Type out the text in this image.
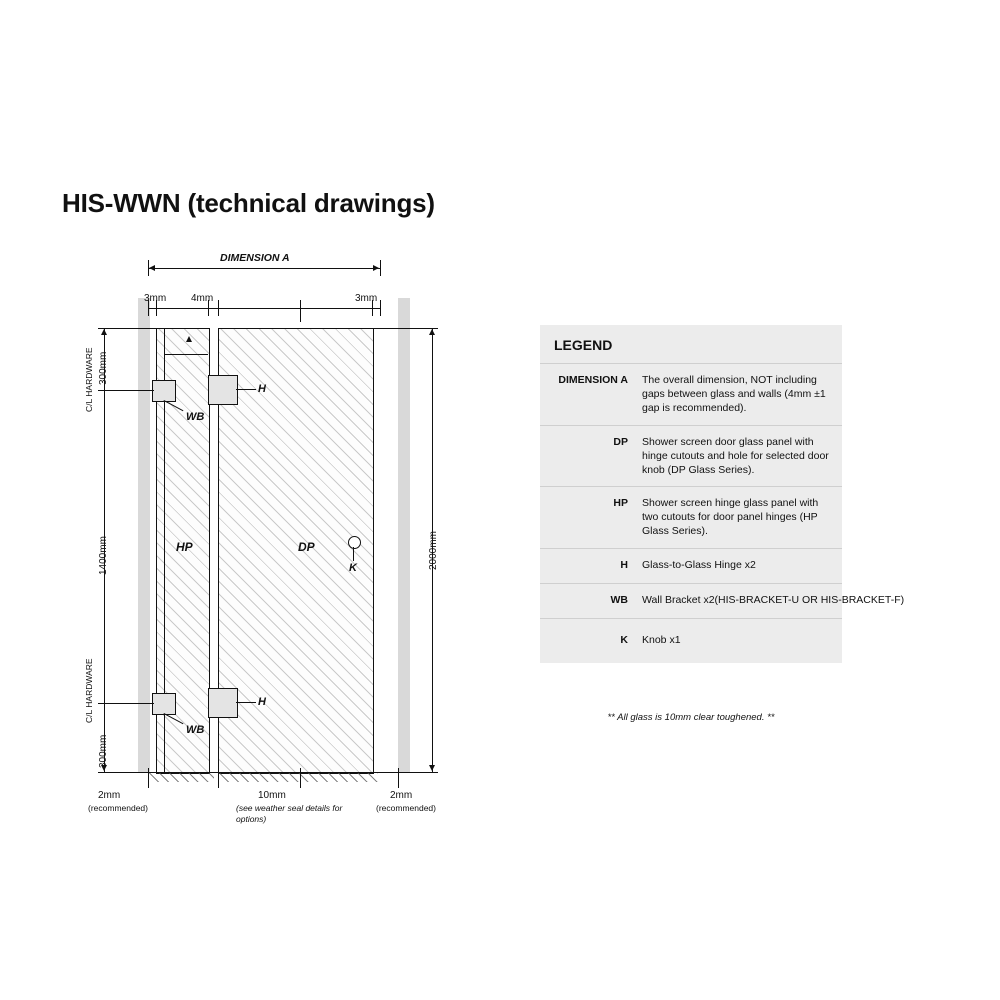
HIS-WWN (technical drawings)
DIMENSION A
3mm 4mm	3mm
H
WB
H
WB
HP	DP
K
300mm
C/L HARDWARE
1400mm
C/L HARDWARE
300mm
2000mm
2mm
(recommended)
10mm
(see weather seal details for options)
2mm
(recommended)
LEGEND
DIMENSION A	The overall dimension, NOT including gaps between glass and walls (4mm ±1 gap is recommended).
DP	Shower screen door glass panel with hinge cutouts and hole for selected door knob (DP Glass Series).
HP	Shower screen hinge glass panel with two cutouts for door panel hinges (HP Glass Series).
H	Glass-to-Glass Hinge x2
WB	Wall Bracket x2(HIS-BRACKET-U OR HIS-BRACKET-F)
K	Knob x1
** All glass is 10mm clear toughened. **
